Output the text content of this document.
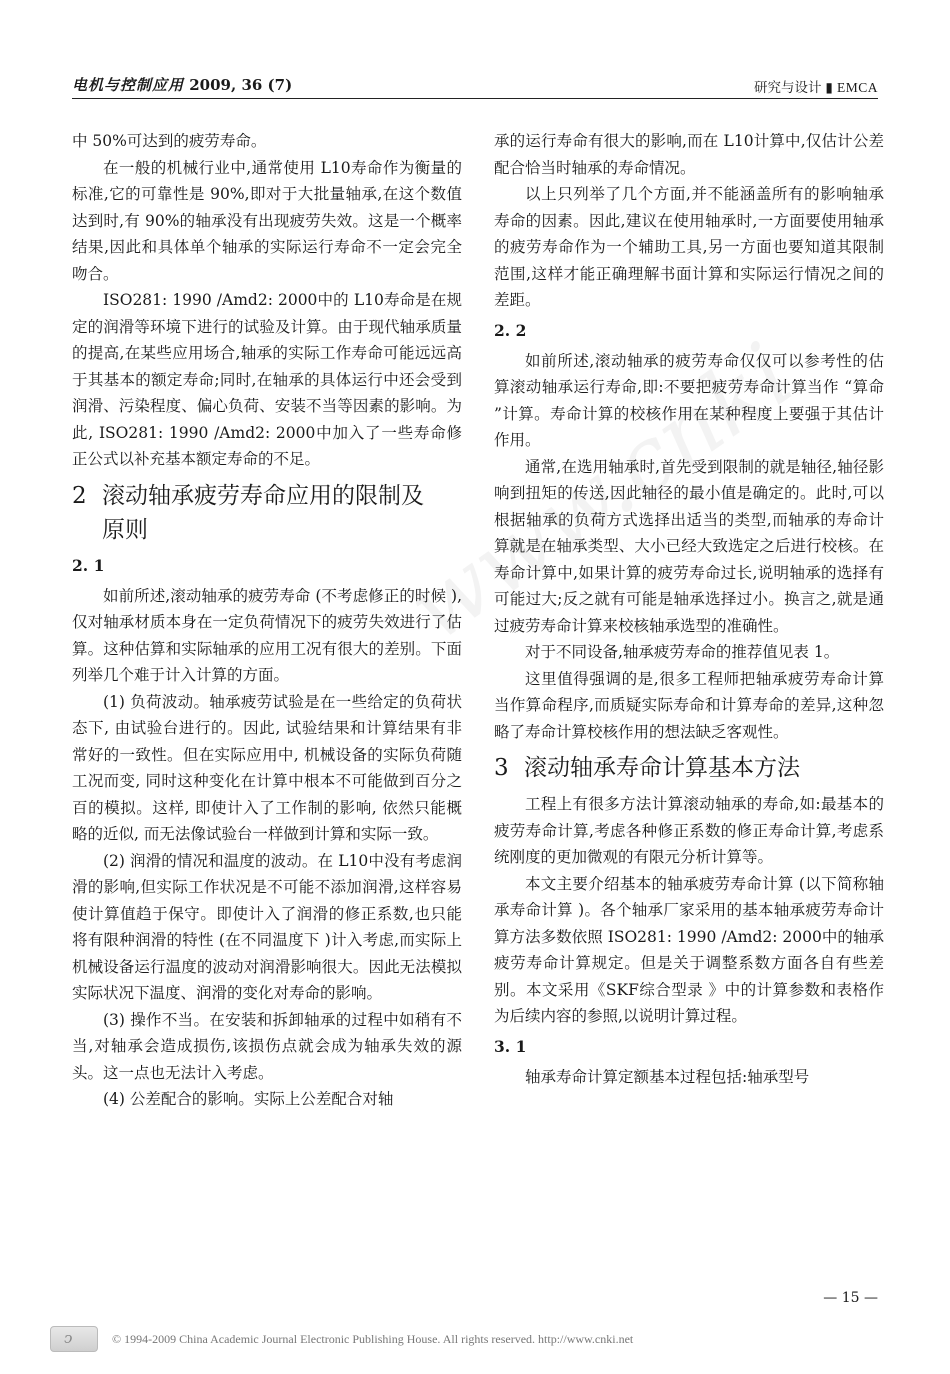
电机与控制应用 2009, 36 (7)	研究与设计 ▮ EMCA

中 50%可达到的疲劳寿命。

在一般的机械行业中,通常使用 L10寿命作为衡量的标准,它的可靠性是 90%,即对于大批量轴承,在这个数值达到时,有 90%的轴承没有出现疲劳失效。这是一个概率结果,因此和具体单个轴承的实际运行寿命不一定会完全吻合。

ISO281: 1990 /Amd2: 2000中的 L10寿命是在规定的润滑等环境下进行的试验及计算。由于现代轴承质量的提高,在某些应用场合,轴承的实际工作寿命可能远远高于其基本的额定寿命;同时,在轴承的具体运行中还会受到润滑、污染程度、偏心负荷、安装不当等因素的影响。为此, ISO281: 1990 /Amd2: 2000中加入了一些寿命修正公式以补充基本额定寿命的不足。

2 滚动轴承疲劳寿命应用的限制及
原则
2. 1

如前所述,滚动轴承的疲劳寿命 (不考虑修正的时候 ),仅对轴承材质本身在一定负荷情况下的疲劳失效进行了估算。这种估算和实际轴承的应用工况有很大的差别。下面列举几个难于计入计算的方面。

(1) 负荷波动。轴承疲劳试验是在一些给定的负荷状态下, 由试验台进行的。因此, 试验结果和计算结果有非常好的一致性。但在实际应用中, 机械设备的实际负荷随工况而变, 同时这种变化在计算中根本不可能做到百分之百的模拟。这样, 即使计入了工作制的影响, 依然只能概略的近似, 而无法像试验台一样做到计算和实际一致。

(2) 润滑的情况和温度的波动。在 L10中没有考虑润滑的影响,但实际工作状况是不可能不添加润滑,这样容易使计算值趋于保守。即使计入了润滑的修正系数,也只能将有限种润滑的特性 (在不同温度下 )计入考虑,而实际上机械设备运行温度的波动对润滑影响很大。因此无法模拟实际状况下温度、润滑的变化对寿命的影响。

(3) 操作不当。在安装和拆卸轴承的过程中如稍有不当,对轴承会造成损伤,该损伤点就会成为轴承失效的源头。这一点也无法计入考虑。

(4) 公差配合的影响。实际上公差配合对轴

承的运行寿命有很大的影响,而在 L10计算中,仅估计公差配合恰当时轴承的寿命情况。

以上只列举了几个方面,并不能涵盖所有的影响轴承寿命的因素。因此,建议在使用轴承时,一方面要使用轴承的疲劳寿命作为一个辅助工具,另一方面也要知道其限制范围,这样才能正确理解书面计算和实际运行情况之间的差距。

2. 2

如前所述,滚动轴承的疲劳寿命仅仅可以参考性的估算滚动轴承运行寿命,即:不要把疲劳寿命计算当作 “算命 ”计算。寿命计算的校核作用在某种程度上要强于其估计作用。

通常,在选用轴承时,首先受到限制的就是轴径,轴径影响到扭矩的传送,因此轴径的最小值是确定的。此时,可以根据轴承的负荷方式选择出适当的类型,而轴承的寿命计算就是在轴承类型、大小已经大致选定之后进行校核。在寿命计算中,如果计算的疲劳寿命过长,说明轴承的选择有可能过大;反之就有可能是轴承选择过小。换言之,就是通过疲劳寿命计算来校核轴承选型的准确性。

对于不同设备,轴承疲劳寿命的推荐值见表 1。

这里值得强调的是,很多工程师把轴承疲劳寿命计算当作算命程序,而质疑实际寿命和计算寿命的差异,这种忽略了寿命计算校核作用的想法缺乏客观性。

3 滚动轴承寿命计算基本方法

工程上有很多方法计算滚动轴承的寿命,如:最基本的疲劳寿命计算,考虑各种修正系数的修正寿命计算,考虑系统刚度的更加微观的有限元分析计算等。

本文主要介绍基本的轴承疲劳寿命计算 (以下简称轴承寿命计算 )。各个轴承厂家采用的基本轴承疲劳寿命计算方法多数依照 ISO281: 1990 /Amd2: 2000中的轴承疲劳寿命计算规定。但是关于调整系数方面各自有些差别。本文采用《SKF综合型录 》中的计算参数和表格作为后续内容的参照,以说明计算过程。

3. 1

轴承寿命计算定额基本过程包括:轴承型号

— 15 —
ↄ	© 1994-2009 China Academic Journal Electronic Publishing House. All rights reserved. http://www.cnki.net
